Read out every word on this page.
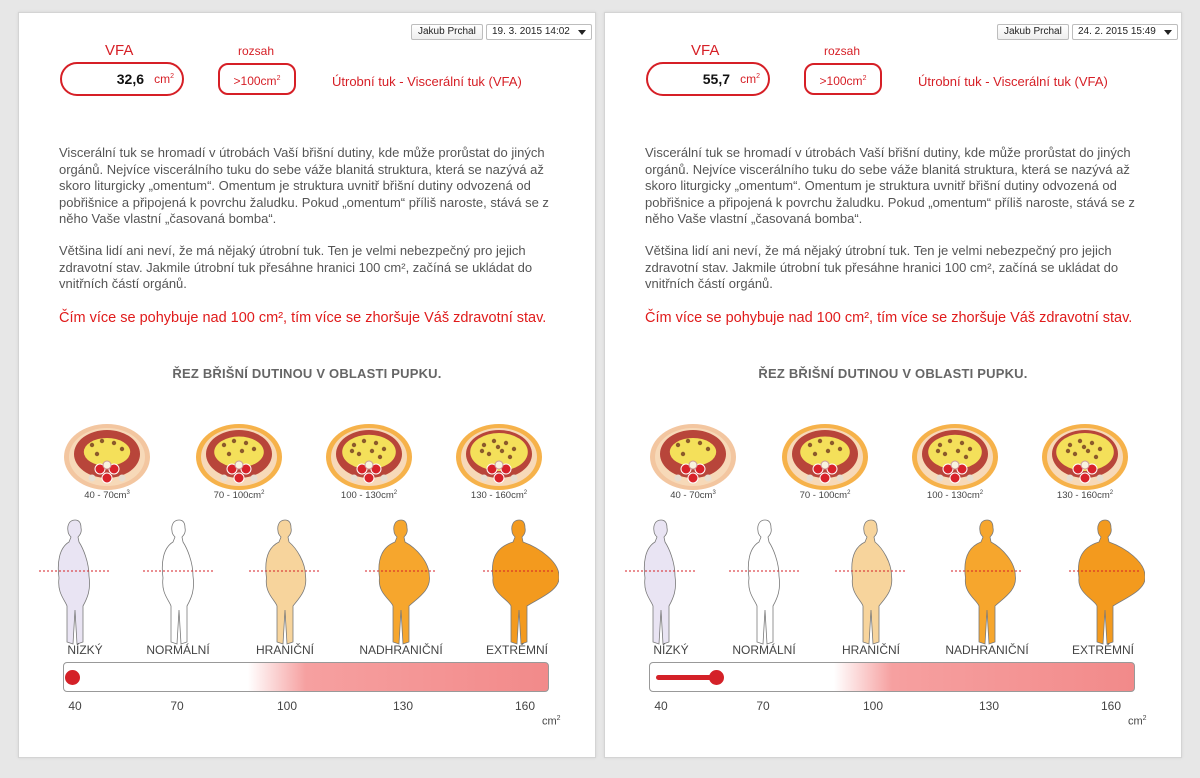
Jakub Prchal	19. 3. 2015 14:02
VFA	rozsah
32,6 $cm^2$	$>100cm^2$	Útrobní tuk - Viscerální tuk (VFA)
Viscerální tuk se hromadí v útrobách Vaší břišní dutiny, kde může prorůstat do jiných orgánů. Nejvíce viscerálního tuku do sebe váže blanitá struktura, která se nazývá až skoro liturgicky „omentum“. Omentum je struktura uvnitř břišní dutiny odvozená od pobřišnice a připojená k povrchu žaludku. Pokud „omentum“ příliš naroste, stává se z něho Vaše vlastní „časovaná bomba“.
Většina lidí ani neví, že má nějaký útrobní tuk. Ten je velmi nebezpečný pro jejich zdravotní stav. Jakmile útrobní tuk přesáhne hranici 100 cm², začíná se ukládat do vnitřních částí orgánů.
Čím více se pohybuje nad 100 cm², tím více se zhoršuje Váš zdravotní stav.
ŘEZ BŘIŠNÍ DUTINOU V OBLASTI PUPKU.
$40 - 70cm^3$	$70 - 100cm^2$	$100 - 130cm^2$	$130 - 160cm^2$
NÍZKÝ	NORMÁLNÍ	HRANIČNÍ	NADHRANIČNÍ	EXTRÉMNÍ
40	70	100	130	160
$cm^2$
Jakub Prchal	24. 2. 2015 15:49
VFA	rozsah
55,7 $cm^2$	$>100cm^2$	Útrobní tuk - Viscerální tuk (VFA)
Viscerální tuk se hromadí v útrobách Vaší břišní dutiny, kde může prorůstat do jiných orgánů. Nejvíce viscerálního tuku do sebe váže blanitá struktura, která se nazývá až skoro liturgicky „omentum“. Omentum je struktura uvnitř břišní dutiny odvozená od pobřišnice a připojená k povrchu žaludku. Pokud „omentum“ příliš naroste, stává se z něho Vaše vlastní „časovaná bomba“.
Většina lidí ani neví, že má nějaký útrobní tuk. Ten je velmi nebezpečný pro jejich zdravotní stav. Jakmile útrobní tuk přesáhne hranici 100 cm², začíná se ukládat do vnitřních částí orgánů.
Čím více se pohybuje nad 100 cm², tím více se zhoršuje Váš zdravotní stav.
ŘEZ BŘIŠNÍ DUTINOU V OBLASTI PUPKU.
$40 - 70cm^3$	$70 - 100cm^2$	$100 - 130cm^2$	$130 - 160cm^2$
NÍZKÝ	NORMÁLNÍ	HRANIČNÍ	NADHRANIČNÍ	EXTRÉMNÍ
40	70	100	130	160
$cm^2$
